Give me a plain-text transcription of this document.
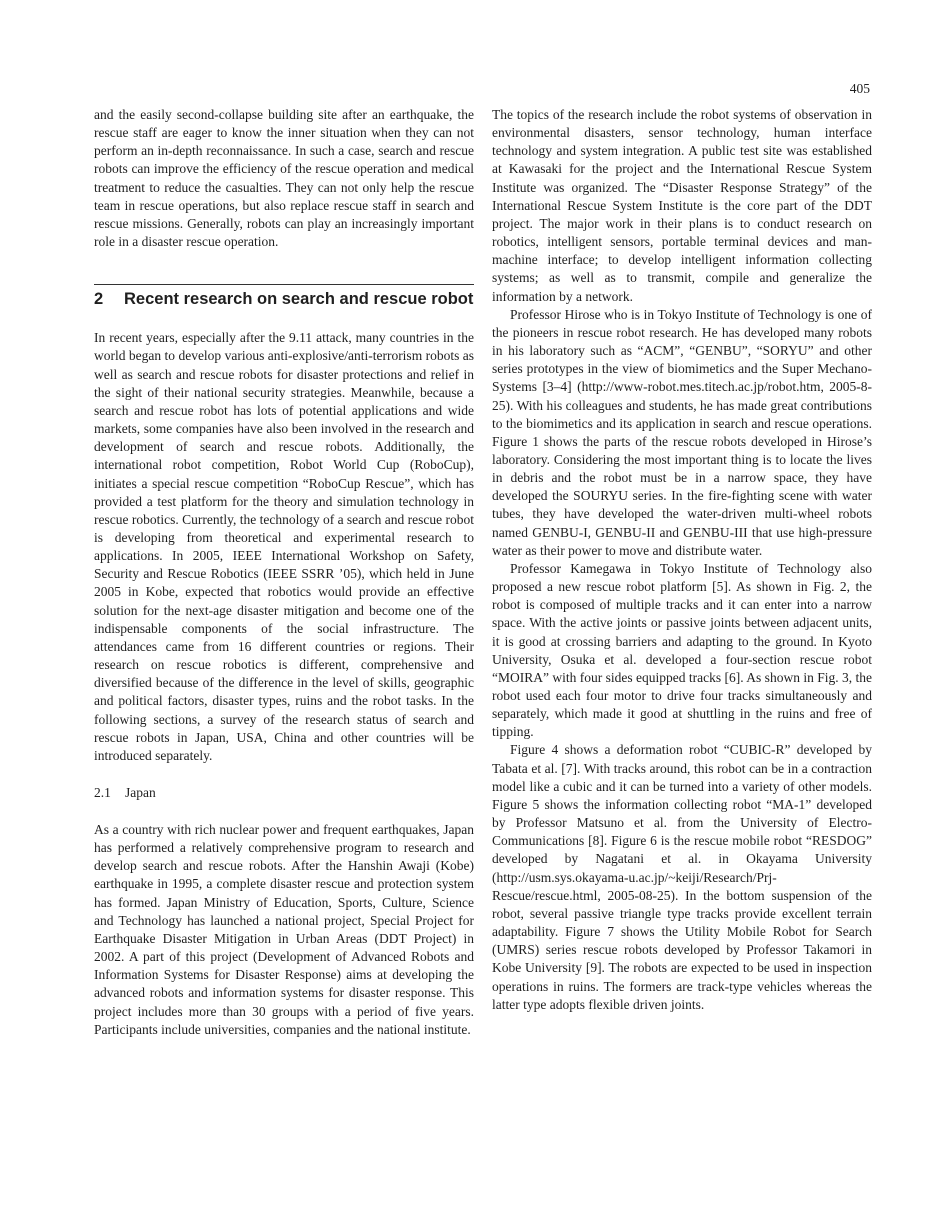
405

and the easily second-collapse building site after an earthquake, the rescue staff are eager to know the inner situation when they can not perform an in-depth reconnaissance. In such a case, search and rescue robots can improve the efficiency of the rescue operation and medical treatment to reduce the casualties. They can not only help the rescue team in rescue operations, but also replace rescue staff in search and rescue missions. Generally, robots can play an increasingly important role in a disaster rescue operation.

2 Recent research on search and rescue robot

In recent years, especially after the 9.11 attack, many countries in the world began to develop various anti-explosive/anti-terrorism robots as well as search and rescue robots for disaster protections and relief in the sight of their national security strategies. Meanwhile, because a search and rescue robot has lots of potential applications and wide markets, some companies have also been involved in the research and development of search and rescue robots. Additionally, the international robot competition, Robot World Cup (RoboCup), initiates a special rescue competition “RoboCup Rescue”, which has provided a test platform for the theory and simulation technology in rescue robotics. Currently, the technology of a search and rescue robot is developing from theoretical and experimental research to applications. In 2005, IEEE International Workshop on Safety, Security and Rescue Robotics (IEEE SSRR ’05), which held in June 2005 in Kobe, expected that robotics would provide an effective solution for the next-age disaster mitigation and become one of the indispensable components of the social infrastructure. The attendances came from 16 different countries or regions. Their research on rescue robotics is different, comprehensive and diversified because of the difference in the level of skills, geographic and political factors, disaster types, ruins and the robot tasks. In the following sections, a survey of the research status of search and rescue robots in Japan, USA, China and other countries will be introduced separately.

2.1 Japan

As a country with rich nuclear power and frequent earthquakes, Japan has performed a relatively comprehensive program to research and develop search and rescue robots. After the Hanshin Awaji (Kobe) earthquake in 1995, a complete disaster rescue and protection system has formed. Japan Ministry of Education, Sports, Culture, Science and Technology has launched a national project, Special Project for Earthquake Disaster Mitigation in Urban Areas (DDT Project) in 2002. A part of this project (Development of Advanced Robots and Information Systems for Disaster Response) aims at developing the advanced robots and information systems for disaster response. This project includes more than 30 groups with a period of five years. Participants include universities, companies and the national institute.

The topics of the research include the robot systems of observation in environmental disasters, sensor technology, human interface technology and system integration. A public test site was established at Kawasaki for the project and the International Rescue System Institute was organized. The “Disaster Response Strategy” of the International Rescue System Institute is the core part of the DDT project. The major work in their plans is to conduct research on robotics, intelligent sensors, portable terminal devices and man-machine interface; to develop intelligent information collecting systems; as well as to transmit, compile and generalize the information by a network.

Professor Hirose who is in Tokyo Institute of Technology is one of the pioneers in rescue robot research. He has developed many robots in his laboratory such as “ACM”, “GENBU”, “SORYU” and other series prototypes in the view of biomimetics and the Super Mechano-Systems [3–4] (http://www-robot.mes.titech.ac.jp/robot.htm, 2005-8-25). With his colleagues and students, he has made great contributions to the biomimetics and its application in search and rescue operations. Figure 1 shows the parts of the rescue robots developed in Hirose’s laboratory. Considering the most important thing is to locate the lives in debris and the robot must be in a narrow space, they have developed the SOURYU series. In the fire-fighting scene with water tubes, they have developed the water-driven multi-wheel robots named GENBU-I, GENBU-II and GENBU-III that use high-pressure water as their power to move and distribute water.

Professor Kamegawa in Tokyo Institute of Technology also proposed a new rescue robot platform [5]. As shown in Fig. 2, the robot is composed of multiple tracks and it can enter into a narrow space. With the active joints or passive joints between adjacent units, it is good at crossing barriers and adapting to the ground. In Kyoto University, Osuka et al. developed a four-section rescue robot “MOIRA” with four sides equipped tracks [6]. As shown in Fig. 3, the robot used each four motor to drive four tracks simultaneously and separately, which made it good at shuttling in the ruins and free of tipping.

Figure 4 shows a deformation robot “CUBIC-R” developed by Tabata et al. [7]. With tracks around, this robot can be in a contraction model like a cubic and it can be turned into a variety of other models. Figure 5 shows the information collecting robot “MA-1” developed by Professor Matsuno et al. from the University of Electro-Communications [8]. Figure 6 is the rescue mobile robot “RESDOG” developed by Nagatani et al. in Okayama University (http://usm.sys.okayama-u.ac.jp/~keiji/Research/Prj-Rescue/rescue.html, 2005-08-25). In the bottom suspension of the robot, several passive triangle type tracks provide excellent terrain adaptability. Figure 7 shows the Utility Mobile Robot for Search (UMRS) series rescue robots developed by Professor Takamori in Kobe University [9]. The robots are expected to be used in inspection operations in ruins. The formers are track-type vehicles whereas the latter type adopts flexible driven joints.
